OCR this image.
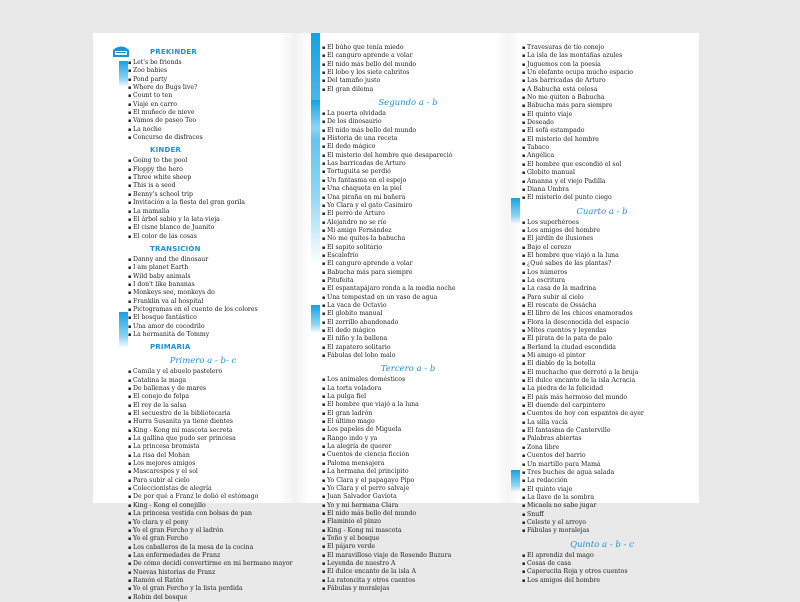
PREKINDER
▪ Let's be friends
▪ Zoo babies
▪ Pond party
▪ Where do Bugs live?
▪ Count to ten
▪ Viaje en carro
▪ El muñeco de nieve
▪ Vamos de paseo Teo
▪ La noche
▪ Concurso de disfraces
KINDER
▪ Going to the pool
▪ Floppy the hero
▪ Three white sheep
▪ This is a seed
▪ Benny's school trip
▪ Invitación a la fiesta del gran gorila
▪ La mamalia
▪ El árbol sabio y la lata vieja
▪ El cisne blanco de Juanito
▪ El color de las cosas
TRANSICIÓN
▪ Danny and the dinosaur
▪ I am planet Earth
▪ Wild baby animals
▪ I don't like bananas
▪ Monkeys see, monkeys do
▪ Franklin va al hospital
▪ Pictogramas en el cuento de los colores
▪ El bosque fantástico
▪ Una amor de cocodrilo
▪ La hermanita de Tommy
PRIMARIA
Primero a - b- c
▪ Camila y el abuelo pastelero
▪ Catalina la maga
▪ De ballenas y de mares
▪ El conejo de felpa
▪ El rey de la salsa
▪ El secuestro de la bibliotecaria
▪ Hurra Susanita ya tiene dientes
▪ King - Kong mi mascota secreta
▪ La gallina que pudo ser princesa
▪ La princesa bromista
▪ La risa del Mohan
▪ Los mejores amigos
▪ Mascarespos y el sol
▪ Para subir al cielo
▪ Coleccionistas de alegría
▪ De por qué a Franz le dolió el estómago
▪ King - Kong el conejillo
▪ La princesa vestida con bolsas de pan
▪ Yo clara y el pony
▪ Yo el gran Fercho y el ladrón
▪ Yo el gran Fercho
▪ Los caballeros de la mesa de la cocina
▪ Las enfermedades de Franz
▪ De cómo decidí convertirme en mi hermano mayor
▪ Nuevas historias de Franz
▪ Ramón el Ratón
▪ Yo el gran Fercho y la lista perdida
▪ Robin del bosque
▪ El búho que tenía miedo
▪ El canguro aprende a volar
▪ El nido más bello del mundo
▪ El lobo y los siete cabritos
▪ Del tamaño justo
▪ El gran dilema
Segundo a - b
▪ La puerta olvidada
▪ De los dinosaurio
▪ El nido más bello del mundo
▪ Historia de una receta
▪ El dedo mágico
▪ El misterio del hombre que desapareció
▪ Las barricadas de Arturo
▪ Tortuguita se perdió
▪ Un fantasma en el espejo
▪ Una chaqueta en la piel
▪ Una piraña en mi bañera
▪ Yo Clara y el gato Casimiro
▪ El perro de Arturo
▪ Alejandro no se ríe
▪ Mi amigo Fernández
▪ No me quites la babucha
▪ El sapito solitario
▪ Escalofrío
▪ El canguro aprende a volar
▪ Babucha más para siempre
▪ Pitufeita
▪ El espantapájaro ronda a la media noche
▪ Una tempestad en un vaso de agua
▪ La vaca de Octavio
▪ El globito manual
▪ El zorrillo abandonado
▪ El dedo mágico
▪ El niño y la ballena
▪ El zapatero solitario
▪ Fábulas del lobo malo
Tercero a - b
▪ Los animales domésticos
▪ La torta voladora
▪ La pulga fiel
▪ El hombre que viajó a la luna
▪ El gran ladrón
▪ El último mago
▪ Los papeles de Miguela
▪ Rango indo y ya
▪ La alegría de querer
▪ Cuentos de ciencia ficción
▪ Paloma mensajera
▪ La hermana del principito
▪ Yo Clara y el papagayo Pipo
▪ Yo Clara y el perro salvaje
▪ Juan Salvador Gaviota
▪ Yo y mi hermana Clara
▪ El nido más bello del mundo
▪ Flaminio el pinzo
▪ King - Kong mi mascota
▪ Toño y el bosque
▪ El pájaro verde
▪ El maravilloso viaje de Rosendo Buzura
▪ Leyenda de nuestro A
▪ El dulce encanto de la isla A
▪ La ratoncita y otros cuentos
▪ Fábulas y moralejas
▪ Travesuras de tío conejo
▪ La isla de las montañas azules
▪ Juguemos con la poesía
▪ Un elefante ocupa mucho espacio
▪ Las barricadas de Arturo
▪ A Babucha está celosa
▪ No me quiten a Babucha
▪ Babucha más para siempre
▪ El quinto viaje
▪ Deseado
▪ El sofá estampado
▪ El misterio del hombre
▪ Tabaco
▪ Angélica
▪ El hombre que escondió el sol
▪ Globito manual
▪ Amanna y el viejo Padilla
▪ Diana Umbra
▪ El misterio del punto ciego
Cuarto a - b
▪ Los superhéroes
▪ Los amigos del hombre
▪ El jardín de ilusiones
▪ Bajo el cerezo
▪ El hombre que viajó a la luna
▪ ¿Qué sabes de las plantas?
▪ Los números
▪ La escritura
▪ La casa de la madrina
▪ Para subir al cielo
▪ El rescate de Ossácha
▪ El libro de los chicos enamorados
▪ Flora la desconocida del espacio
▪ Mitos cuentos y leyendas
▪ El pirata de la pata de palo
▪ Berland la ciudad escondida
▪ Mi amigo el pintor
▪ El diablo de la botella
▪ El muchacho que derrotó a la bruja
▪ El dulce encanto de la isla Acracia
▪ La piedra de la felicidad
▪ El país más hermoso del mundo
▪ El duende del carpintero
▪ Cuentos de hoy con espantos de ayer
▪ La silla vacía
▪ El fantasma de Canterville
▪ Palabras abiertas
▪ Zona libre
▪ Cuentos del barrio
▪ Un martillo para Mamá
▪ Tres buches de agua salada
▪ La redacción
▪ El quinto viaje
▪ La llave de la sombra
▪ Micaela no sabe jugar
▪ Snuff
▪ Celeste y el arroyo
▪ Fábulas y moralejas
Quinto a - b - c
▪ El aprendiz del mago
▪ Cosas de casa
▪ Caperucita Roja y otros cuentos
▪ Los amigos del hombre
